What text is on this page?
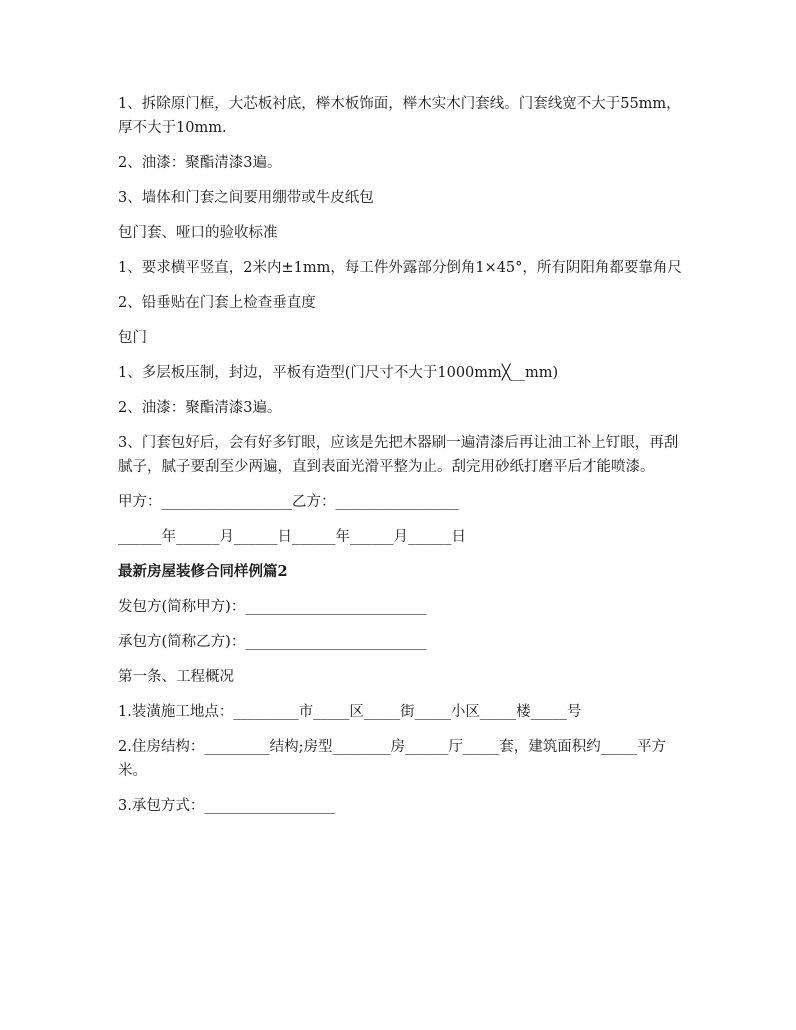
1、拆除原门框，大芯板衬底，榉木板饰面，榉木实木门套线。门套线宽不大于55mm，厚不大于10mm.

2、油漆：聚酯清漆3遍。

3、墙体和门套之间要用绷带或牛皮纸包

包门套、哑口的验收标准

1、要求横平竖直，2米内±1mm，每工件外露部分倒角1×45°，所有阴阳角都要靠角尺

2、铅垂贴在门套上检查垂直度

包门

1、多层板压制，封边，平板有造型(门尺寸不大于1000mm╳__mm)

2、油漆：聚酯清漆3遍。

3、门套包好后，会有好多钉眼，应该是先把木器刷一遍清漆后再让油工补上钉眼，再刮腻子，腻子要刮至少两遍，直到表面光滑平整为止。刮完用砂纸打磨平后才能喷漆。

甲方：__________________乙方：_________________

______年______月______日______年______月______日

最新房屋装修合同样例篇2

发包方(简称甲方)：_________________________

承包方(简称乙方)：_________________________

第一条、工程概况

1.装潢施工地点：_________市_____区_____街_____小区_____楼_____号

2.住房结构：_________结构;房型________房______厅_____套，建筑面积约_____平方米。

3.承包方式：__________________
